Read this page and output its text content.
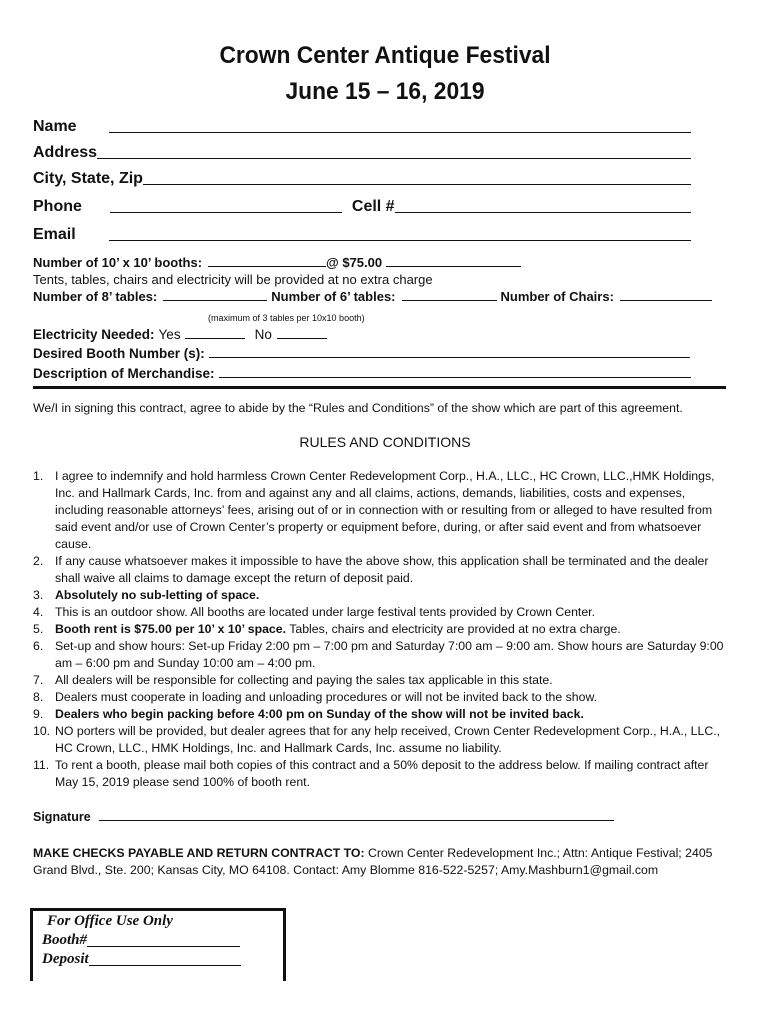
Crown Center Antique Festival
June 15 – 16, 2019
Name
Address
City, State, Zip
Phone	Cell #
Email
Number of 10’ x 10’ booths:	@ $75.00
Tents, tables, chairs and electricity will be provided at no extra charge
Number of 8’ tables:	Number of 6’ tables:	Number of Chairs:
(maximum of 3 tables per 10x10 booth)
Electricity Needed: Yes	No
Desired Booth Number (s):
Description of Merchandise:
We/I in signing this contract, agree to abide by the “Rules and Conditions” of the show which are part of this agreement.
RULES AND CONDITIONS
1. I agree to indemnify and hold harmless Crown Center Redevelopment Corp., H.A., LLC., HC Crown, LLC.,HMK Holdings, Inc. and Hallmark Cards, Inc. from and against any and all claims, actions, demands, liabilities, costs and expenses, including reasonable attorneys’ fees, arising out of or in connection with or resulting from or alleged to have resulted from said event and/or use of Crown Center’s property or equipment before, during, or after said event and from whatsoever cause.
2. If any cause whatsoever makes it impossible to have the above show, this application shall be terminated and the dealer shall waive all claims to damage except the return of deposit paid.
3. Absolutely no sub-letting of space.
4. This is an outdoor show. All booths are located under large festival tents provided by Crown Center.
5. Booth rent is $75.00 per 10’ x 10’ space. Tables, chairs and electricity are provided at no extra charge.
6. Set-up and show hours: Set-up Friday 2:00 pm – 7:00 pm and Saturday 7:00 am – 9:00 am. Show hours are Saturday 9:00 am – 6:00 pm and Sunday 10:00 am – 4:00 pm.
7. All dealers will be responsible for collecting and paying the sales tax applicable in this state.
8. Dealers must cooperate in loading and unloading procedures or will not be invited back to the show.
9. Dealers who begin packing before 4:00 pm on Sunday of the show will not be invited back.
10. NO porters will be provided, but dealer agrees that for any help received, Crown Center Redevelopment Corp., H.A., LLC., HC Crown, LLC., HMK Holdings, Inc. and Hallmark Cards, Inc. assume no liability.
11. To rent a booth, please mail both copies of this contract and a 50% deposit to the address below. If mailing contract after May 15, 2019 please send 100% of booth rent.
Signature
MAKE CHECKS PAYABLE AND RETURN CONTRACT TO: Crown Center Redevelopment Inc.; Attn: Antique Festival; 2405 Grand Blvd., Ste. 200; Kansas City, MO 64108. Contact: Amy Blomme 816-522-5257; Amy.Mashburn1@gmail.com
For Office Use Only
Booth#
Deposit
